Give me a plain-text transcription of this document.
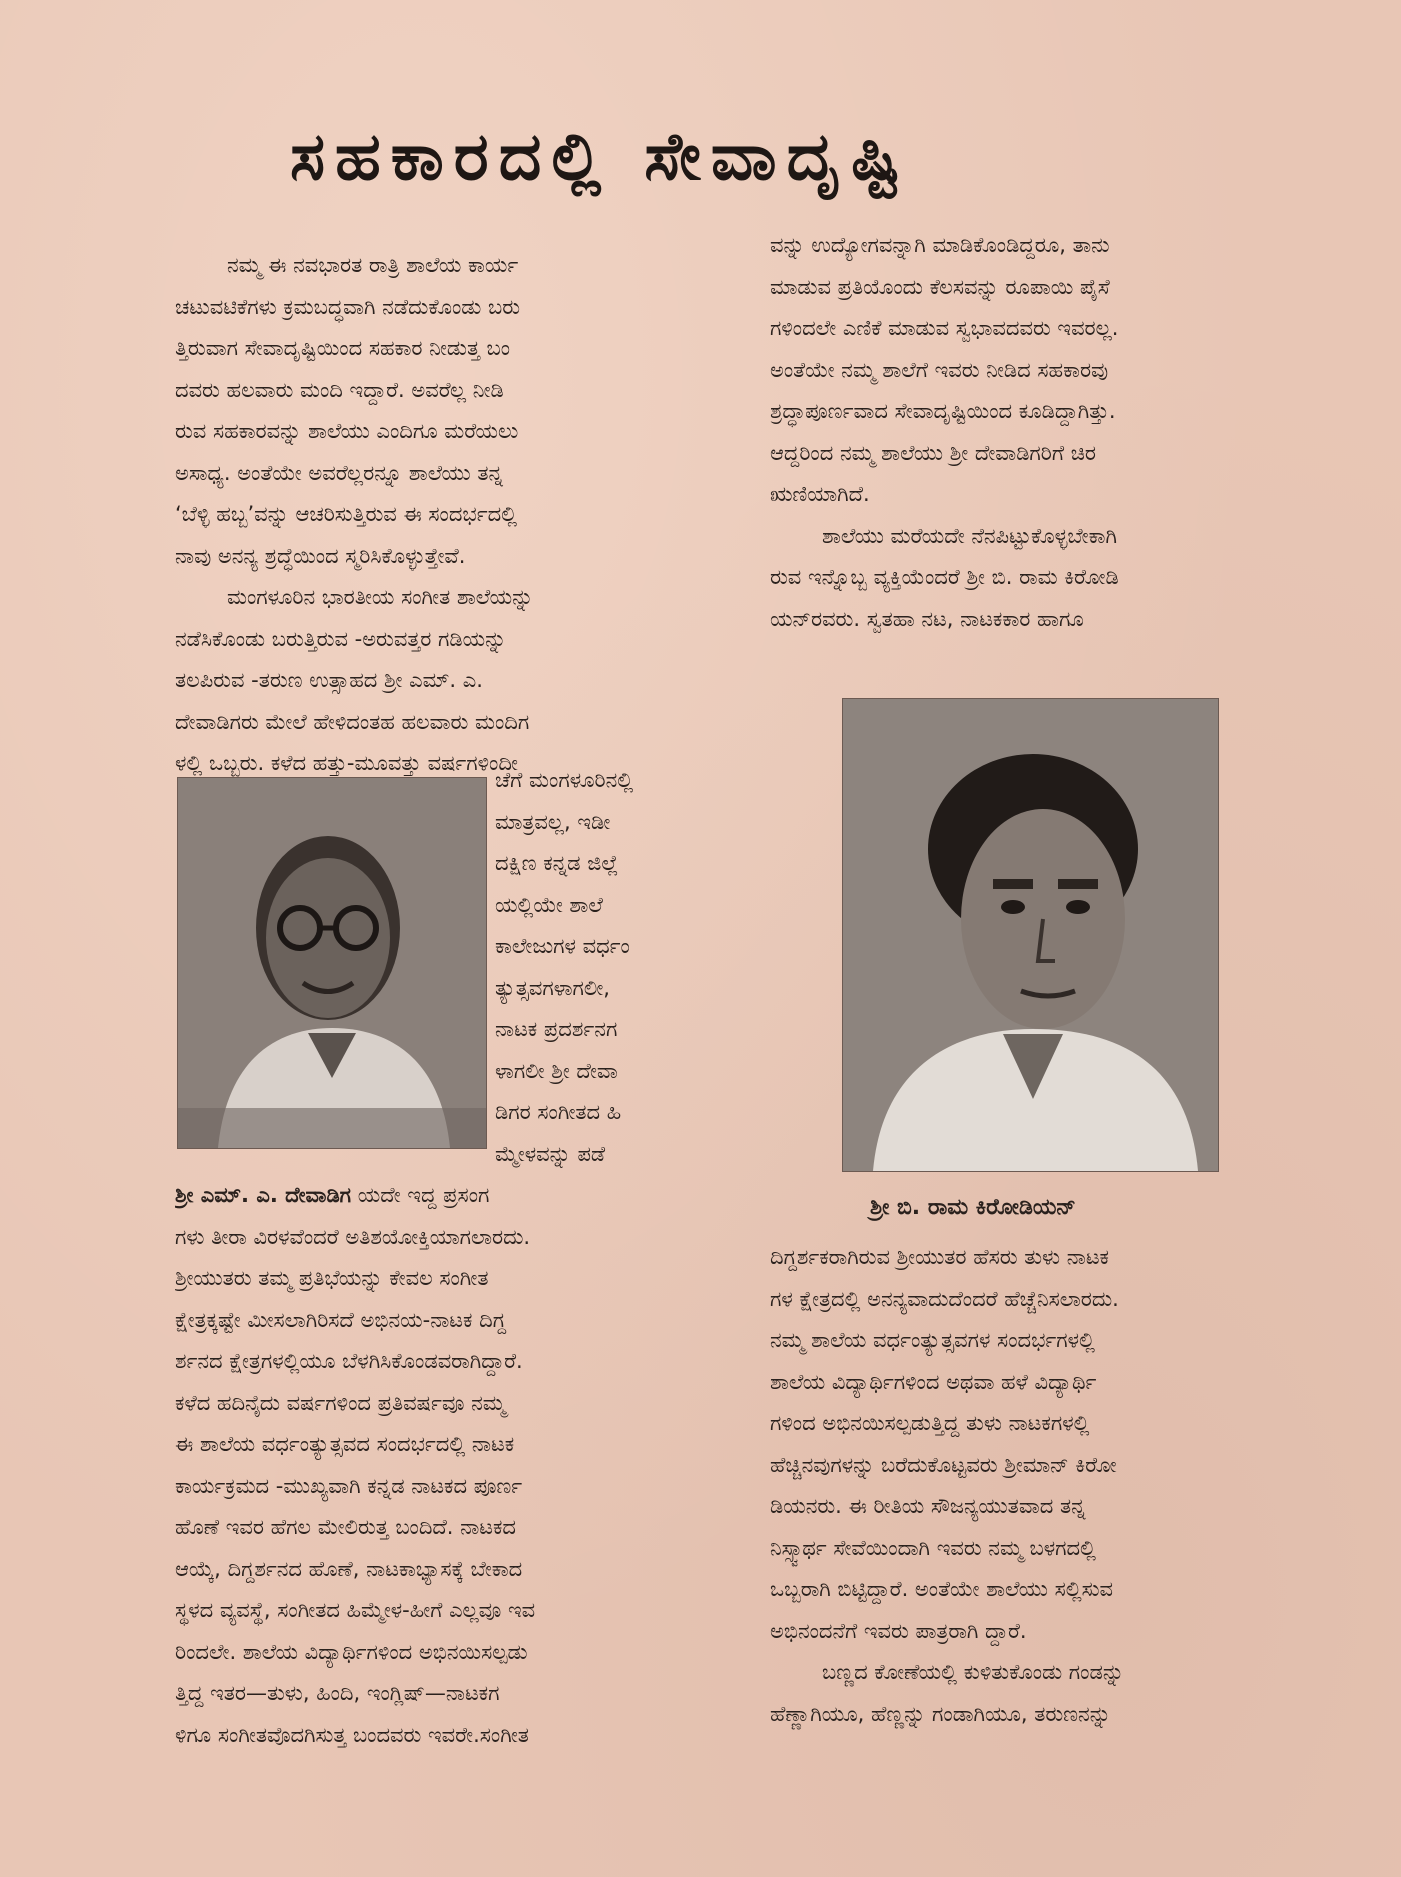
ಸಹಕಾರದಲ್ಲಿ ಸೇವಾದೃಷ್ಟಿ

ನಮ್ಮ ಈ ನವಭಾರತ ರಾತ್ರಿ ಶಾಲೆಯ ಕಾರ್ಯ

ಚಟುವಟಿಕೆಗಳು ಕ್ರಮಬದ್ಧವಾಗಿ ನಡೆದುಕೊಂಡು ಬರು

ತ್ತಿರುವಾಗ ಸೇವಾದೃಷ್ಟಿಯಿಂದ ಸಹಕಾರ ನೀಡುತ್ತ ಬಂ

ದವರು ಹಲವಾರು ಮಂದಿ ಇದ್ದಾರೆ. ಅವರೆಲ್ಲ ನೀಡಿ

ರುವ ಸಹಕಾರವನ್ನು ಶಾಲೆಯು ಎಂದಿಗೂ ಮರೆಯಲು

ಅಸಾಧ್ಯ. ಅಂತೆಯೇ ಅವರೆಲ್ಲರನ್ನೂ ಶಾಲೆಯು ತನ್ನ

‘ಬೆಳ್ಳಿ ಹಬ್ಬ’ವನ್ನು ಆಚರಿಸುತ್ತಿರುವ ಈ ಸಂದರ್ಭದಲ್ಲಿ

ನಾವು ಅನನ್ಯ ಶ್ರದ್ಧೆಯಿಂದ ಸ್ಮರಿಸಿಕೊಳ್ಳುತ್ತೇವೆ.

ಮಂಗಳೂರಿನ ಭಾರತೀಯ ಸಂಗೀತ ಶಾಲೆಯನ್ನು

ನಡೆಸಿಕೊಂಡು ಬರುತ್ತಿರುವ -ಅರುವತ್ತರ ಗಡಿಯನ್ನು

ತಲಪಿರುವ -ತರುಣ ಉತ್ಸಾಹದ ಶ್ರೀ ಎಮ್. ಎ.

ದೇವಾಡಿಗರು ಮೇಲೆ ಹೇಳಿದಂತಹ ಹಲವಾರು ಮಂದಿಗ

ಳಲ್ಲಿ ಒಬ್ಬರು. ಕಳೆದ ಹತ್ತು-ಮೂವತ್ತು ವರ್ಷಗಳಿಂದೀ

ಚೆಗೆ ಮಂಗಳೂರಿನಲ್ಲಿ

ಮಾತ್ರವಲ್ಲ, ಇಡೀ

ದಕ್ಷಿಣ ಕನ್ನಡ ಜಿಲ್ಲೆ

ಯಲ್ಲಿಯೇ ಶಾಲೆ

ಕಾಲೇಜುಗಳ ವರ್ಧಂ

ತ್ಯುತ್ಸವಗಳಾಗಲೀ,

ನಾಟಕ ಪ್ರದರ್ಶನಗ

ಳಾಗಲೀ ಶ್ರೀ ದೇವಾ

ಡಿಗರ ಸಂಗೀತದ ಹಿ

ಮ್ಮೇಳವನ್ನು ಪಡೆ

ಶ್ರೀ ಎಮ್. ಎ. ದೇವಾಡಿಗ ಯದೇ ಇದ್ದ ಪ್ರಸಂಗ

ಗಳು ತೀರಾ ವಿರಳವೆಂದರೆ ಅತಿಶಯೋಕ್ತಿಯಾಗಲಾರದು.

ಶ್ರೀಯುತರು ತಮ್ಮ ಪ್ರತಿಭೆಯನ್ನು ಕೇವಲ ಸಂಗೀತ

ಕ್ಷೇತ್ರಕ್ಕಷ್ಟೇ ಮೀಸಲಾಗಿರಿಸದೆ ಅಭಿನಯ-ನಾಟಕ ದಿಗ್ದ

ರ್ಶನದ ಕ್ಷೇತ್ರಗಳಲ್ಲಿಯೂ ಬೆಳಗಿಸಿಕೊಂಡವರಾಗಿದ್ದಾರೆ.

ಕಳೆದ ಹದಿನೈದು ವರ್ಷಗಳಿಂದ ಪ್ರತಿವರ್ಷವೂ ನಮ್ಮ

ಈ ಶಾಲೆಯ ವರ್ಧಂತ್ಯುತ್ಸವದ ಸಂದರ್ಭದಲ್ಲಿ ನಾಟಕ

ಕಾರ್ಯಕ್ರಮದ -ಮುಖ್ಯವಾಗಿ ಕನ್ನಡ ನಾಟಕದ ಪೂರ್ಣ

ಹೊಣೆ ಇವರ ಹೆಗಲ ಮೇಲಿರುತ್ತ ಬಂದಿದೆ. ನಾಟಕದ

ಆಯ್ಕೆ, ದಿಗ್ದರ್ಶನದ ಹೊಣೆ, ನಾಟಕಾಭ್ಯಾಸಕ್ಕೆ ಬೇಕಾದ

ಸ್ಥಳದ ವ್ಯವಸ್ಥೆ, ಸಂಗೀತದ ಹಿಮ್ಮೇಳ-ಹೀಗೆ ಎಲ್ಲವೂ ಇವ

ರಿಂದಲೇ. ಶಾಲೆಯ ವಿದ್ಯಾರ್ಥಿಗಳಿಂದ ಅಭಿನಯಿಸಲ್ಪಡು

ತ್ತಿದ್ದ ಇತರ—ತುಳು, ಹಿಂದಿ, ಇಂಗ್ಲಿಷ್—ನಾಟಕಗ

ಳಿಗೂ ಸಂಗೀತವೊದಗಿಸುತ್ತ ಬಂದವರು ಇವರೇ.ಸಂಗೀತ

ವನ್ನು ಉದ್ಯೋಗವನ್ನಾಗಿ ಮಾಡಿಕೊಂಡಿದ್ದರೂ, ತಾನು

ಮಾಡುವ ಪ್ರತಿಯೊಂದು ಕೆಲಸವನ್ನು ರೂಪಾಯಿ ಪೈಸೆ

ಗಳಿಂದಲೇ ಎಣಿಕೆ ಮಾಡುವ ಸ್ವಭಾವದವರು ಇವರಲ್ಲ.

ಅಂತೆಯೇ ನಮ್ಮ ಶಾಲೆಗೆ ಇವರು ನೀಡಿದ ಸಹಕಾರವು

ಶ್ರದ್ಧಾಪೂರ್ಣವಾದ ಸೇವಾದೃಷ್ಟಿಯಿಂದ ಕೂಡಿದ್ದಾಗಿತ್ತು.

ಆದ್ದರಿಂದ ನಮ್ಮ ಶಾಲೆಯು ಶ್ರೀ ದೇವಾಡಿಗರಿಗೆ ಚಿರ

ಋಣಿಯಾಗಿದೆ.

ಶಾಲೆಯು ಮರೆಯದೇ ನೆನಪಿಟ್ಟುಕೊಳ್ಳಬೇಕಾಗಿ

ರುವ ಇನ್ನೊಬ್ಬ ವ್ಯಕ್ತಿಯೆಂದರೆ ಶ್ರೀ ಬಿ. ರಾಮ ಕಿರೋಡಿ

ಯನ್‌ರವರು. ಸ್ವತಹಾ ನಟ, ನಾಟಕಕಾರ ಹಾಗೂ

ಶ್ರೀ ಬಿ. ರಾಮ ಕಿರೋಡಿಯನ್

ದಿಗ್ದರ್ಶಕರಾಗಿರುವ ಶ್ರೀಯುತರ ಹೆಸರು ತುಳು ನಾಟಕ

ಗಳ ಕ್ಷೇತ್ರದಲ್ಲಿ ಅನನ್ಯವಾದುದೆಂದರೆ ಹೆಚ್ಚೆನಿಸಲಾರದು.

ನಮ್ಮ ಶಾಲೆಯ ವರ್ಧಂತ್ಯುತ್ಸವಗಳ ಸಂದರ್ಭಗಳಲ್ಲಿ

ಶಾಲೆಯ ವಿದ್ಯಾರ್ಥಿಗಳಿಂದ ಅಥವಾ ಹಳೆ ವಿದ್ಯಾರ್ಥಿ

ಗಳಿಂದ ಅಭಿನಯಿಸಲ್ಪಡುತ್ತಿದ್ದ ತುಳು ನಾಟಕಗಳಲ್ಲಿ

ಹೆಚ್ಚಿನವುಗಳನ್ನು ಬರೆದುಕೊಟ್ಟವರು ಶ್ರೀಮಾನ್ ಕಿರೋ

ಡಿಯನರು. ಈ ರೀತಿಯ ಸೌಜನ್ಯಯುತವಾದ ತನ್ನ

ನಿಸ್ಸ್ವಾರ್ಥ ಸೇವೆಯಿಂದಾಗಿ ಇವರು ನಮ್ಮ ಬಳಗದಲ್ಲಿ

ಒಬ್ಬರಾಗಿ ಬಿಟ್ಟಿದ್ದಾರೆ. ಅಂತೆಯೇ ಶಾಲೆಯು ಸಲ್ಲಿಸುವ

ಅಭಿನಂದನೆಗೆ ಇವರು ಪಾತ್ರರಾಗಿ ದ್ದಾರೆ.

ಬಣ್ಣದ ಕೋಣೆಯಲ್ಲಿ ಕುಳಿತುಕೊಂಡು ಗಂಡನ್ನು

ಹೆಣ್ಣಾಗಿಯೂ, ಹೆಣ್ಣನ್ನು ಗಂಡಾಗಿಯೂ, ತರುಣನನ್ನು
